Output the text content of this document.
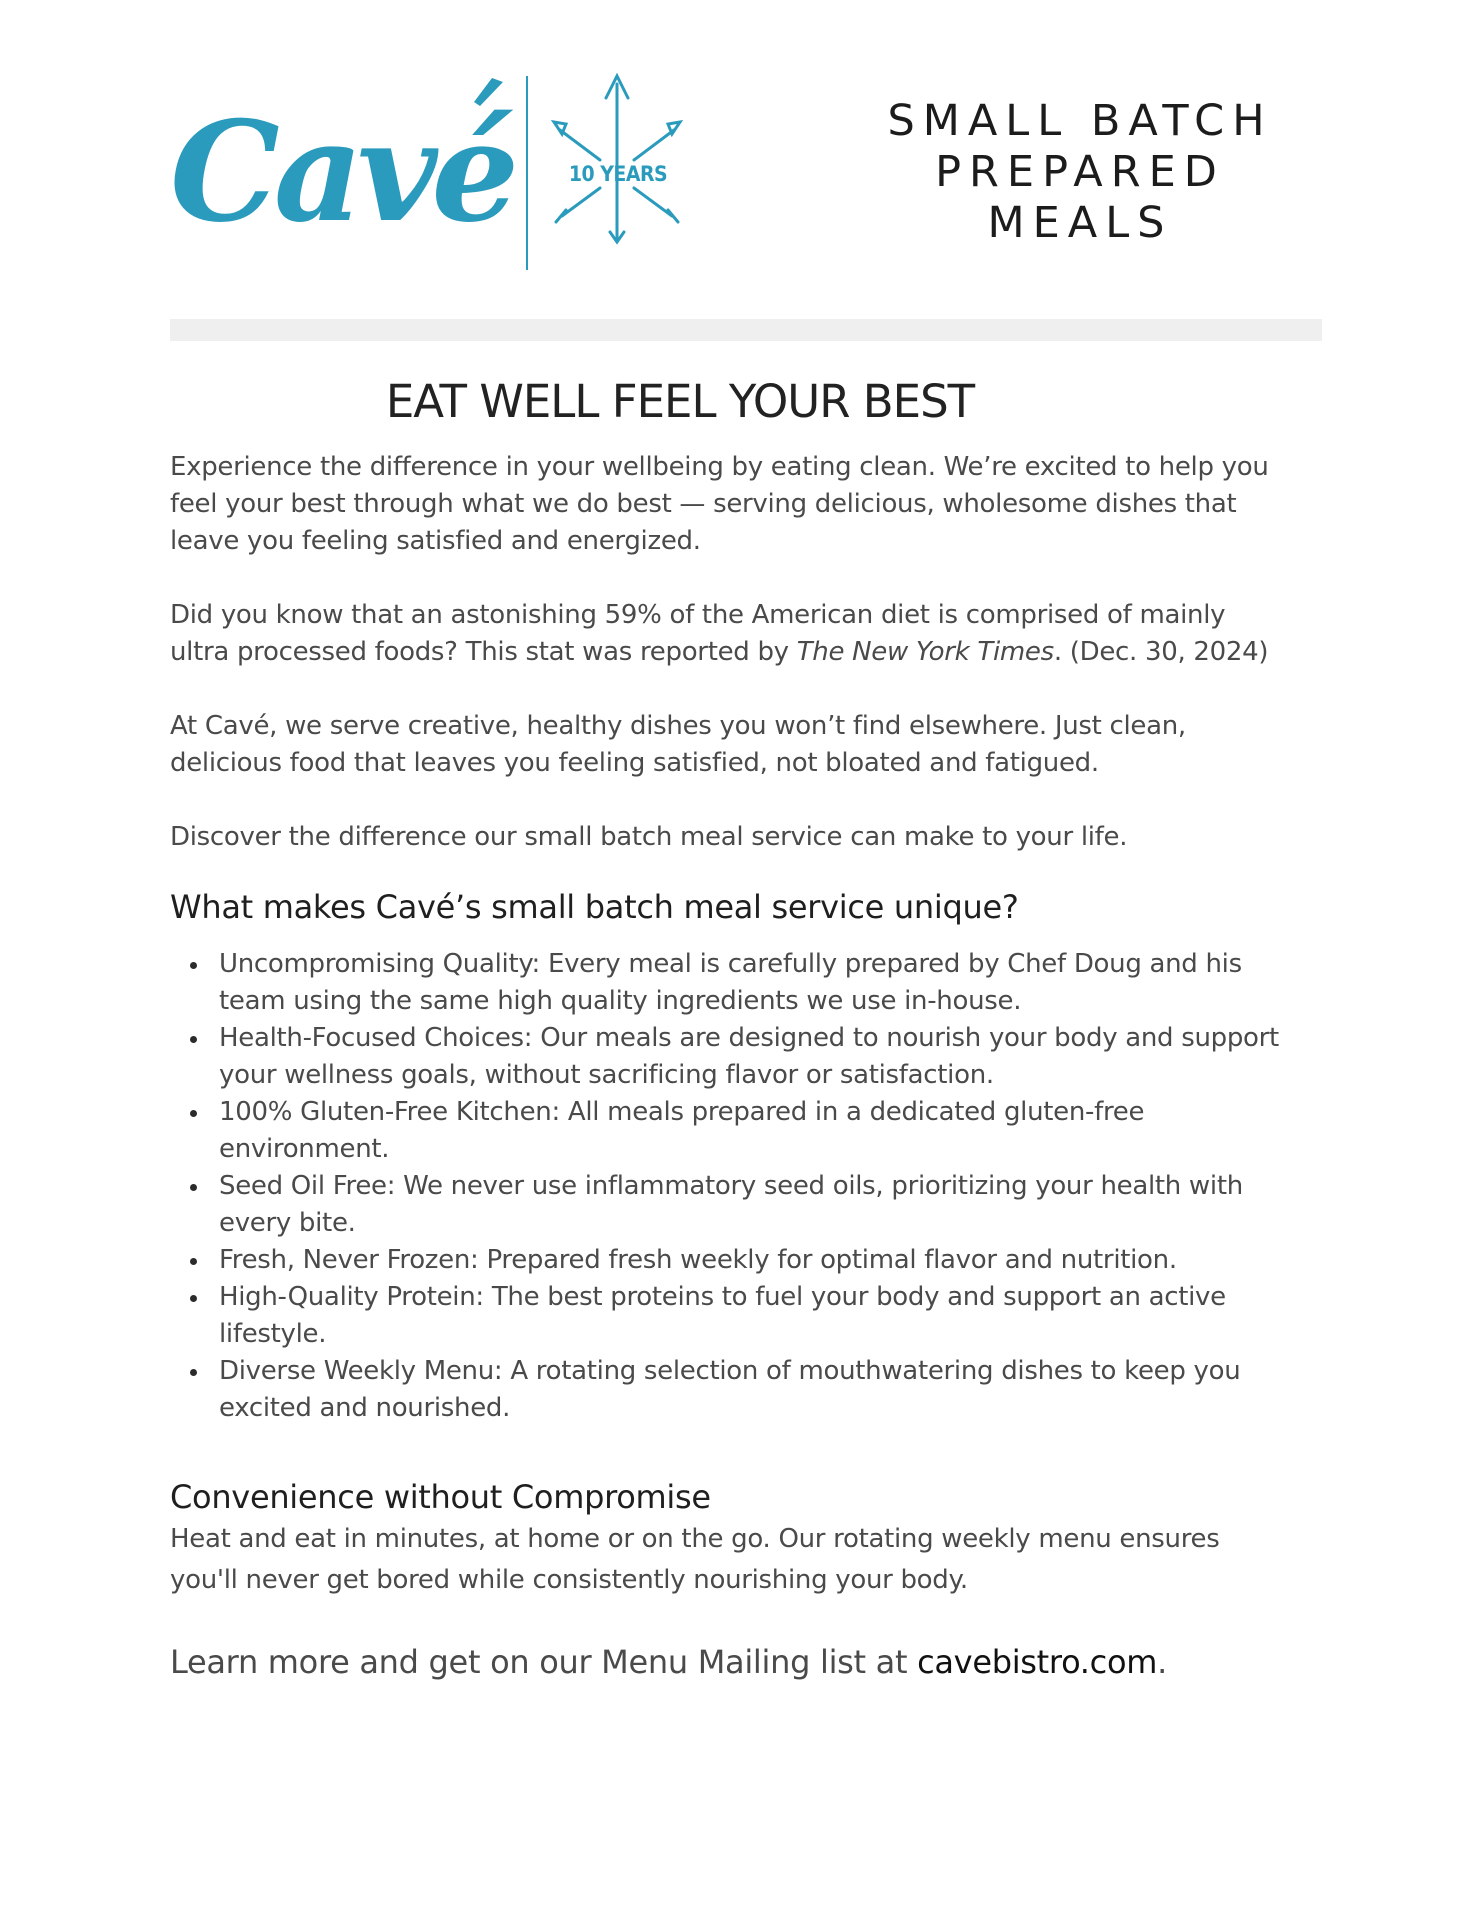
Cavé	10 YEARS
SMALL BATCH
PREPARED
MEALS
EAT WELL FEEL YOUR BEST

Experience the difference in your wellbeing by eating clean. We’re excited to help you feel your best through what we do best — serving delicious, wholesome dishes that leave you feeling satisfied and energized.

Did you know that an astonishing 59% of the American diet is comprised of mainly ultra processed foods? This stat was reported by The New York Times. (Dec. 30, 2024)

At Cavé, we serve creative, healthy dishes you won’t find elsewhere. Just clean, delicious food that leaves you feeling satisfied, not bloated and fatigued.

Discover the difference our small batch meal service can make to your life.

What makes Cavé’s small batch meal service unique?
Uncompromising Quality: Every meal is carefully prepared by Chef Doug and his team using the same high quality ingredients we use in-house.
Health-Focused Choices: Our meals are designed to nourish your body and support your wellness goals, without sacrificing flavor or satisfaction.
100% Gluten-Free Kitchen: All meals prepared in a dedicated gluten-free environment.
Seed Oil Free: We never use inflammatory seed oils, prioritizing your health with every bite.
Fresh, Never Frozen: Prepared fresh weekly for optimal flavor and nutrition.
High-Quality Protein: The best proteins to fuel your body and support an active lifestyle.
Diverse Weekly Menu: A rotating selection of mouthwatering dishes to keep you excited and nourished.
Convenience without Compromise

Heat and eat in minutes, at home or on the go. Our rotating weekly menu ensures you'll never get bored while consistently nourishing your body.

Learn more and get on our Menu Mailing list at cavebistro.com.
